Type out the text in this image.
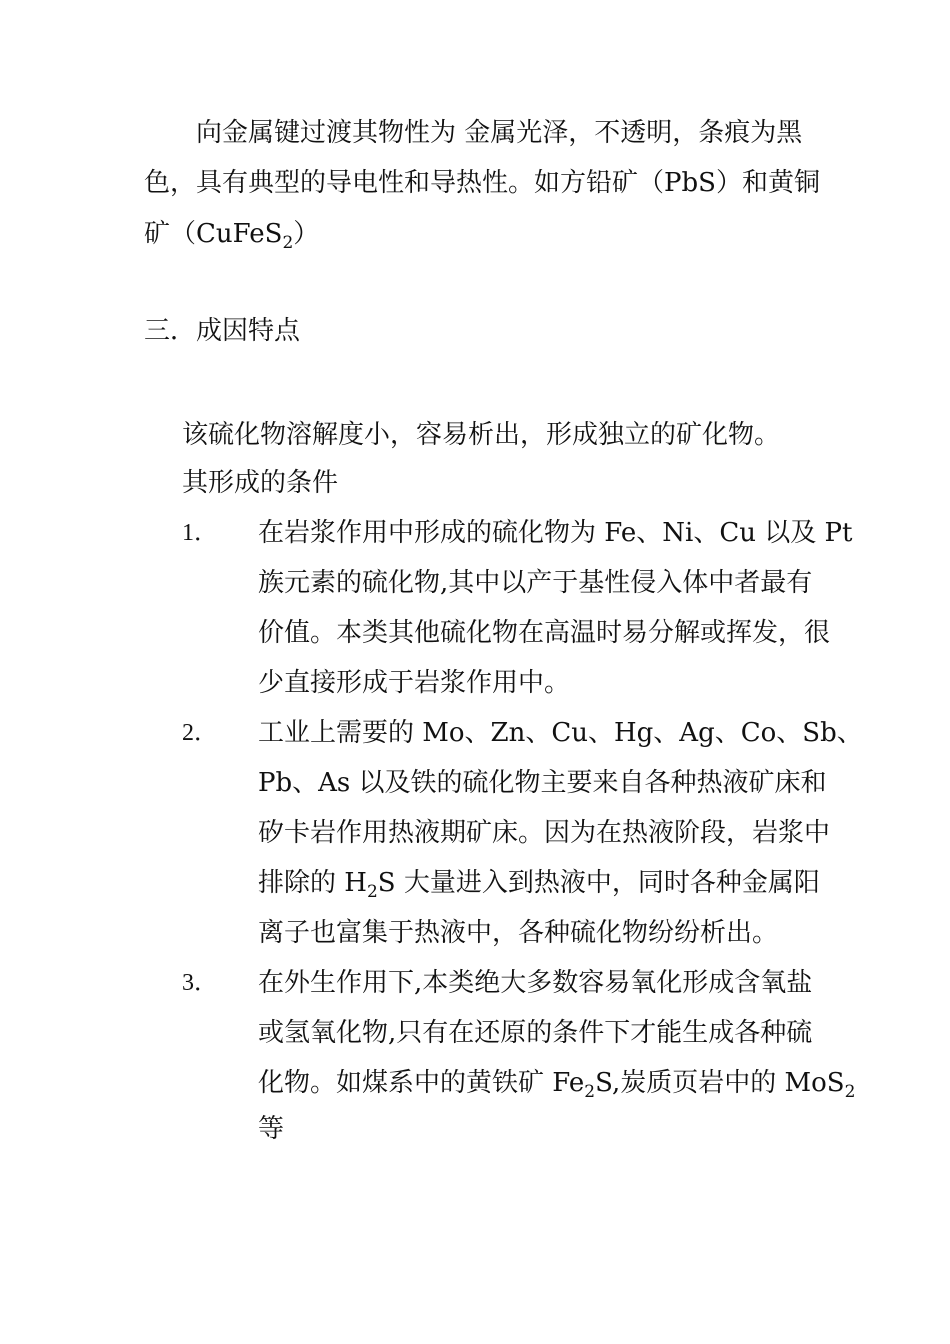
向金属键过渡其物性为 金属光泽，不透明，条痕为黑
色，具有典型的导电性和导热性。如方铅矿（PbS）和黄铜
矿（CuFeS$_2$）
三．成因特点
该硫化物溶解度小，容易析出，形成独立的矿化物。
其形成的条件
1． 在岩浆作用中形成的硫化物为 Fe、Ni、Cu 以及 Pt
族元素的硫化物,其中以产于基性侵入体中者最有
价值。本类其他硫化物在高温时易分解或挥发，很
少直接形成于岩浆作用中。
2． 工业上需要的 Mo、Zn、Cu、Hg、Ag、Co、Sb、
Pb、As 以及铁的硫化物主要来自各种热液矿床和
矽卡岩作用热液期矿床。因为在热液阶段，岩浆中
排除的 $H_2S$ 大量进入到热液中，同时各种金属阳
离子也富集于热液中，各种硫化物纷纷析出。
3． 在外生作用下,本类绝大多数容易氧化形成含氧盐
或氢氧化物,只有在还原的条件下才能生成各种硫
化物。如煤系中的黄铁矿 $Fe_2S$,炭质页岩中的 MoS$_2$
等
